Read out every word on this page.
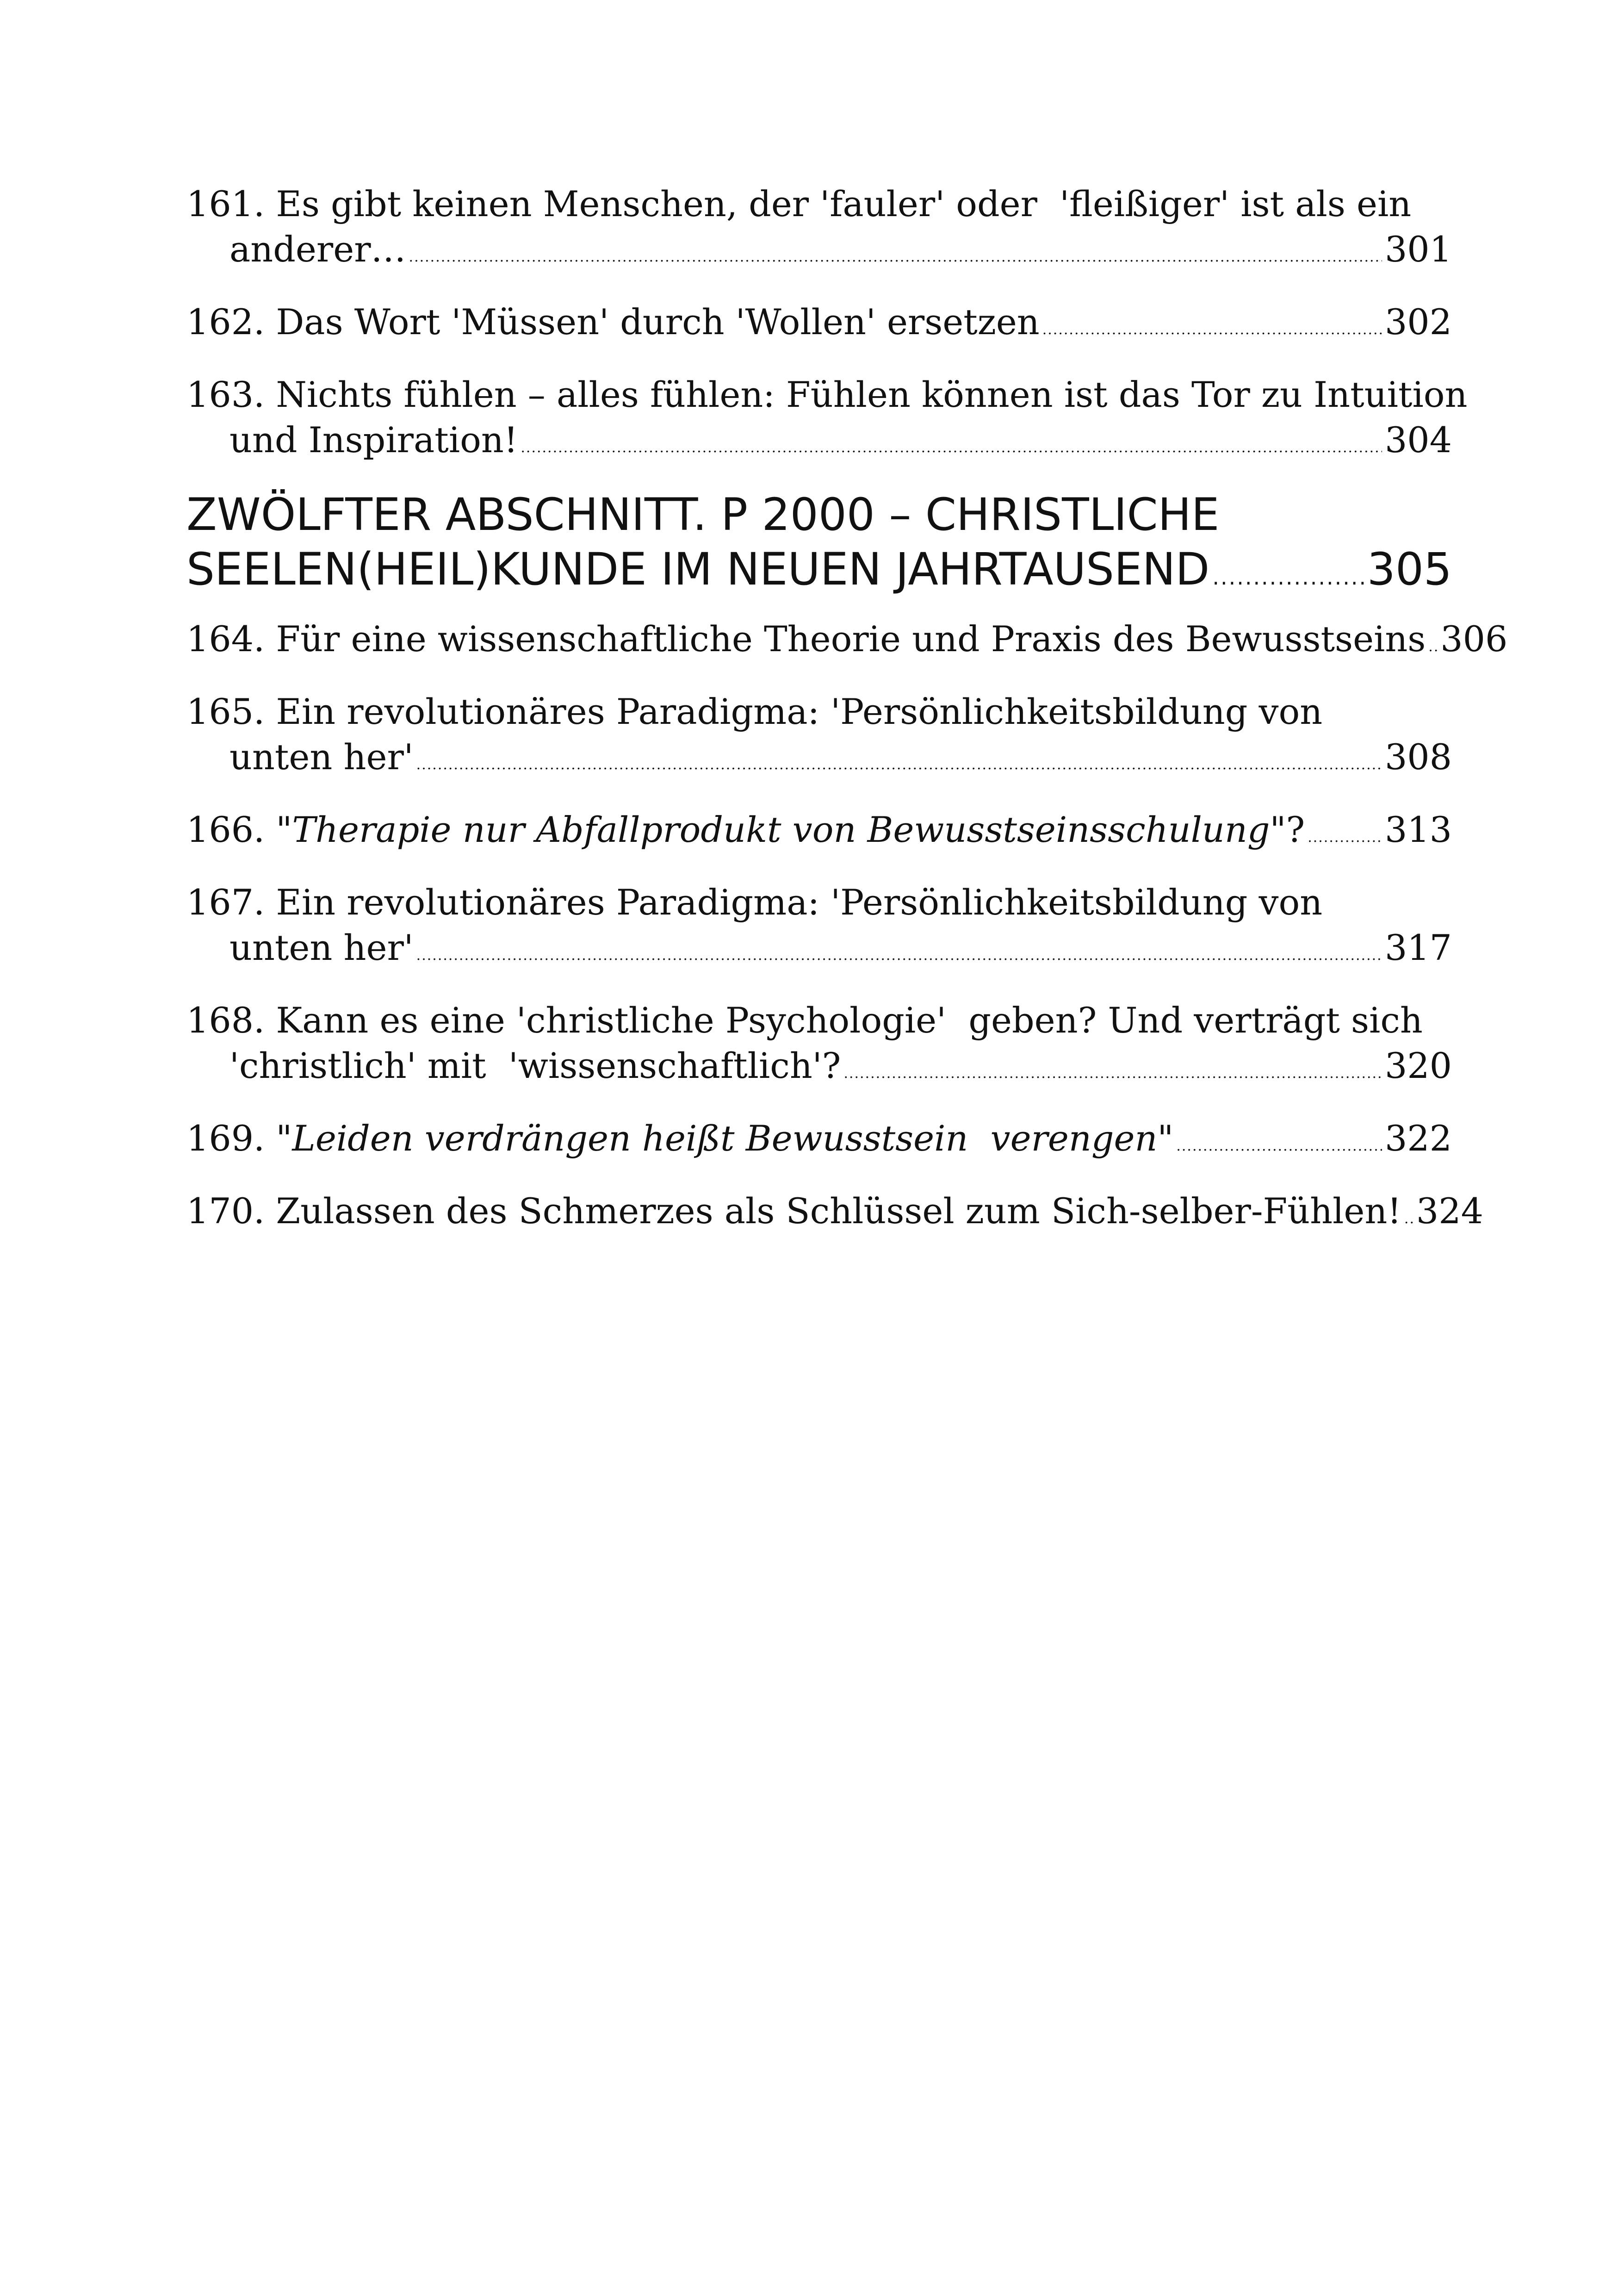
161. Es gibt keinen Menschen, der 'fauler' oder  'fleißiger' ist als ein
anderer… .....	301
162. Das Wort 'Müssen' durch 'Wollen' ersetzen .....	302
163. Nichts fühlen – alles fühlen: Fühlen können ist das Tor zu Intuition
und Inspiration! .....	304
ZWÖLFTER ABSCHNITT. P 2000 – CHRISTLICHE
SEELEN(HEIL)KUNDE IM NEUEN JAHRTAUSEND .....	305
164. Für eine wissenschaftliche Theorie und Praxis des Bewusstseins ..... 306
165. Ein revolutionäres Paradigma: 'Persönlichkeitsbildung von
unten her' .....	308
166. "Therapie nur Abfallprodukt von Bewusstseinsschulung" ? ..... 313
167. Ein revolutionäres Paradigma: 'Persönlichkeitsbildung von
unten her' .....	317
168. Kann es eine 'christliche Psychologie'  geben? Und verträgt sich
'christlich' mit  'wissenschaftlich'? .....	320
169. "Leiden verdrängen heißt Bewusstsein  verengen" .....	322
170. Zulassen des Schmerzes als Schlüssel zum Sich-selber-Fühlen! ..... 324
